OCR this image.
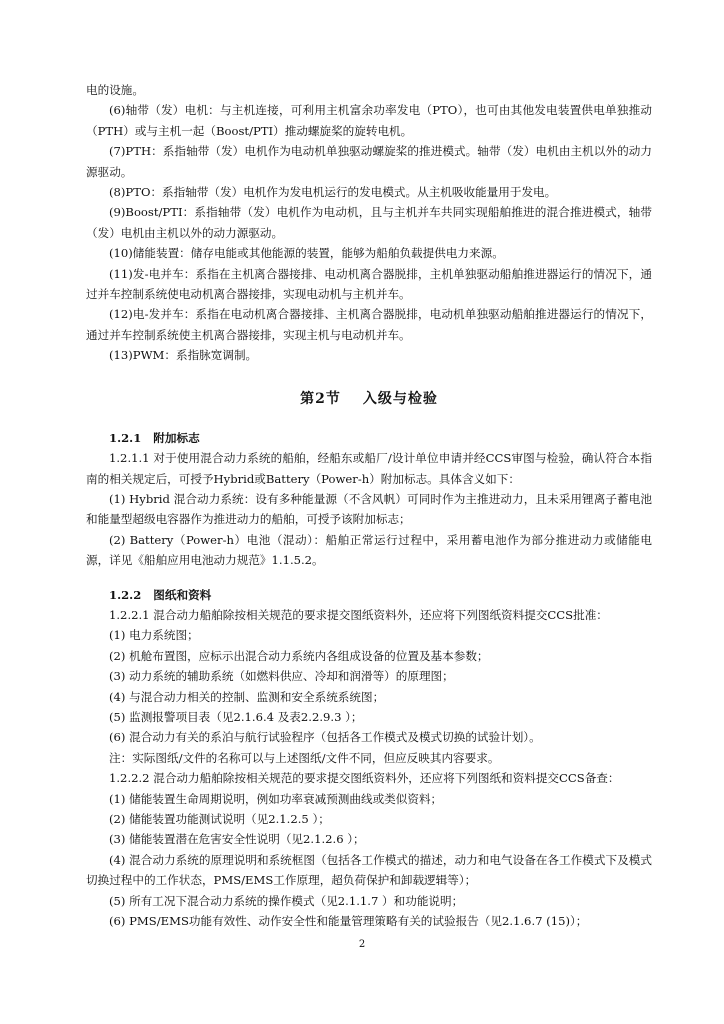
电的设施。

(6)轴带（发）电机：与主机连接，可利用主机富余功率发电（PTO），也可由其他发电装置供电单独推动（PTH）或与主机一起（Boost/PTI）推动螺旋桨的旋转电机。

(7)PTH：系指轴带（发）电机作为电动机单独驱动螺旋桨的推进模式。轴带（发）电机由主机以外的动力源驱动。

(8)PTO：系指轴带（发）电机作为发电机运行的发电模式。从主机吸收能量用于发电。

(9)Boost/PTI：系指轴带（发）电机作为电动机，且与主机并车共同实现船舶推进的混合推进模式，轴带（发）电机由主机以外的动力源驱动。

(10)储能装置：储存电能或其他能源的装置，能够为船舶负载提供电力来源。

(11)发-电并车：系指在主机离合器接排、电动机离合器脱排，主机单独驱动船舶推进器运行的情况下，通过并车控制系统使电动机离合器接排，实现电动机与主机并车。

(12)电-发并车：系指在电动机离合器接排、主机离合器脱排，电动机单独驱动船舶推进器运行的情况下，通过并车控制系统使主机离合器接排，实现主机与电动机并车。

(13)PWM：系指脉宽调制。

第2节 入级与检验
1.2.1 附加标志

1.2.1.1 对于使用混合动力系统的船舶，经船东或船厂/设计单位申请并经CCS审图与检验，确认符合本指南的相关规定后，可授予Hybrid或Battery（Power-h）附加标志。具体含义如下：

(1) Hybrid 混合动力系统：设有多种能量源（不含风帆）可同时作为主推进动力，且未采用锂离子蓄电池和能量型超级电容器作为推进动力的船舶，可授予该附加标志；

(2) Battery（Power-h）电池（混动）：船舶正常运行过程中，采用蓄电池作为部分推进动力或储能电源，详见《船舶应用电池动力规范》1.1.5.2。

1.2.2 图纸和资料

1.2.2.1 混合动力船舶除按相关规范的要求提交图纸资料外，还应将下列图纸资料提交CCS批准：

(1) 电力系统图；

(2) 机舱布置图，应标示出混合动力系统内各组成设备的位置及基本参数；

(3) 动力系统的辅助系统（如燃料供应、冷却和润滑等）的原理图；

(4) 与混合动力相关的控制、监测和安全系统系统图；

(5) 监测报警项目表（见2.1.6.4 及表2.2.9.3 ）；

(6) 混合动力有关的系泊与航行试验程序（包括各工作模式及模式切换的试验计划）。

注：实际图纸/文件的名称可以与上述图纸/文件不同，但应反映其内容要求。

1.2.2.2 混合动力船舶除按相关规范的要求提交图纸资料外，还应将下列图纸和资料提交CCS备查：

(1) 储能装置生命周期说明，例如功率衰减预测曲线或类似资料；

(2) 储能装置功能测试说明（见2.1.2.5 ）；

(3) 储能装置潜在危害安全性说明（见2.1.2.6 ）；

(4) 混合动力系统的原理说明和系统框图（包括各工作模式的描述，动力和电气设备在各工作模式下及模式切换过程中的工作状态，PMS/EMS工作原理，超负荷保护和卸载逻辑等）；

(5) 所有工况下混合动力系统的操作模式（见2.1.1.7 ）和功能说明；

(6) PMS/EMS功能有效性、动作安全性和能量管理策略有关的试验报告（见2.1.6.7 (15)）；

2
